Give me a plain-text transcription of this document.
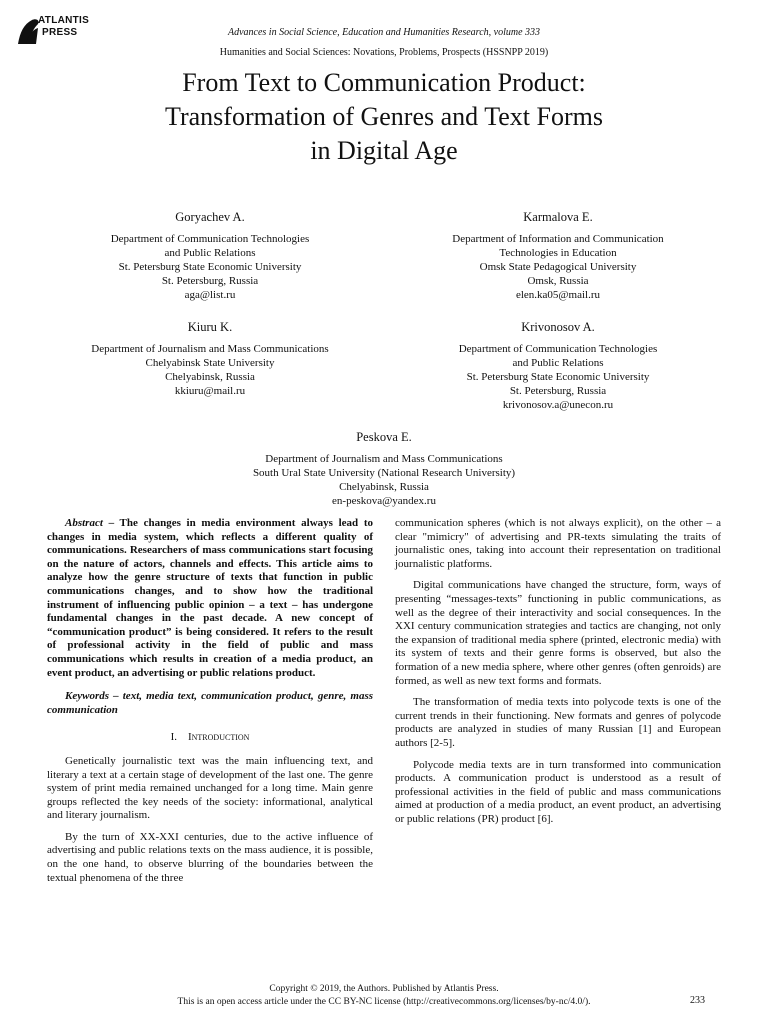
ATLANTIS
PRESS	Advances in Social Science, Education and Humanities Research, volume 333
Humanities and Social Sciences: Novations, Problems, Prospects (HSSNPP 2019)
From Text to Communication Product:
Transformation of Genres and Text Forms
in Digital Age
Goryachev A.
Department of Communication Technologies
and Public Relations
St. Petersburg State Economic University
St. Petersburg, Russia
aga@list.ru
Karmalova E.
Department of Information and Communication
Technologies in Education
Omsk State Pedagogical University
Omsk, Russia
elen.ka05@mail.ru
Kiuru K.
Department of Journalism and Mass Communications
Chelyabinsk State University
Chelyabinsk, Russia
kkiuru@mail.ru
Krivonosov A.
Department of Communication Technologies
and Public Relations
St. Petersburg State Economic University
St. Petersburg, Russia
krivonosov.a@unecon.ru
Peskova E.
Department of Journalism and Mass Communications
South Ural State University (National Research University)
Chelyabinsk, Russia
en-peskova@yandex.ru

Abstract – The changes in media environment always lead to changes in media system, which reflects a different quality of communications. Researchers of mass communications start focusing on the nature of actors, channels and effects. This article aims to analyze how the genre structure of texts that function in public communications changes, and to show how the traditional instrument of influencing public opinion – a text – has undergone fundamental changes in the past decade. A new concept of “communication product” is being considered. It refers to the result of professional activity in the field of public and mass communications which results in creation of a media product, an event product, an advertising or public relations product.

Keywords – text, media text, communication product, genre, mass communication

I. Introduction

Genetically journalistic text was the main influencing text, and literary a text at a certain stage of development of the last one. The genre system of print media remained unchanged for a long time. Main genre groups reflected the key needs of the society: informational, analytical and literary journalism.

By the turn of XX-XXI centuries, due to the active influence of advertising and public relations texts on the mass audience, it is possible, on the one hand, to observe blurring of the boundaries between the textual phenomena of the three

communication spheres (which is not always explicit), on the other – a clear "mimicry" of advertising and PR-texts simulating the traits of journalistic ones, taking into account their representation on traditional journalistic platforms.

Digital communications have changed the structure, form, ways of presenting “messages-texts” functioning in public communications, as well as the degree of their interactivity and social consequences. In the XXI century communication strategies and tactics are changing, not only the expansion of traditional media sphere (printed, electronic media) with its system of texts and their genre forms is observed, but also the formation of a new media sphere, where other genres (often genroids) are formed, as well as new text forms and formats.

The transformation of media texts into polycode texts is one of the current trends in their functioning. New formats and genres of polycode products are analyzed in studies of many Russian [1] and European authors [2-5].

Polycode media texts are in turn transformed into communication products. A communication product is understood as a result of professional activities in the field of public and mass communications aimed at production of a media product, an event product, an advertising or public relations (PR) product [6].

Copyright © 2019, the Authors. Published by Atlantis Press.
This is an open access article under the CC BY-NC license (http://creativecommons.org/licenses/by-nc/4.0/).	233
